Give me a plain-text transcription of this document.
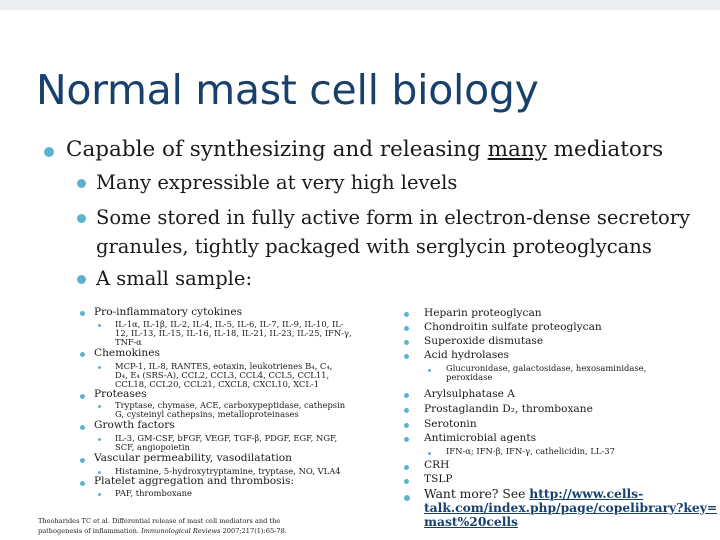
Normal mast cell biology
Capable of synthesizing and releasing many mediators
Many expressible at very high levels
Some stored in fully active form in electron-dense secretory
granules, tightly packaged with serglycin proteoglycans
A small sample:
Pro-inflammatory cytokines
IL-1α, IL-1β, IL-2, IL-4, IL-5, IL-6, IL-7, IL-9, IL-10, IL-
12, IL-13, IL-15, IL-16, IL-18, IL-21, IL-23, IL-25, IFN-γ,
TNF-α
Chemokines
MCP-1, IL-8, RANTES, eotaxin, leukotrienes B₄, C₄,
D₄, E₄ (SRS-A), CCL2, CCL3, CCL4, CCL5, CCL11,
CCL18, CCL20, CCL21, CXCL8, CXCL10, XCL-1
Proteases
Tryptase, chymase, ACE, carboxypeptidase, cathepsin
G, cysteinyl cathepsins, metalloproteinases
Growth factors
IL-3, GM-CSF, bFGF, VEGF, TGF-β, PDGF, EGF, NGF,
SCF, angiopoietin
Vascular permeability, vasodilatation
Histamine, 5-hydroxytryptamine, tryptase, NO, VLA4
Platelet aggregation and thrombosis:
PAF, thromboxane
Heparin proteoglycan
Chondroitin sulfate proteoglycan
Superoxide dismutase
Acid hydrolases
Glucuronidase, galactosidase, hexosaminidase,
peroxidase
Arylsulphatase A
Prostaglandin D₂, thromboxane
Serotonin
Antimicrobial agents
IFN-α; IFN-β, IFN-γ, cathelicidin, LL-37
CRH
TSLP
Want more? See http://www.cells-
talk.com/index.php/page/copelibrary?key=
mast%20cells
Theoharides TC et al. Differential release of mast cell mediators and the
pathogenesis of inflammation. Immunological Reviews 2007;217(1):65-78.
